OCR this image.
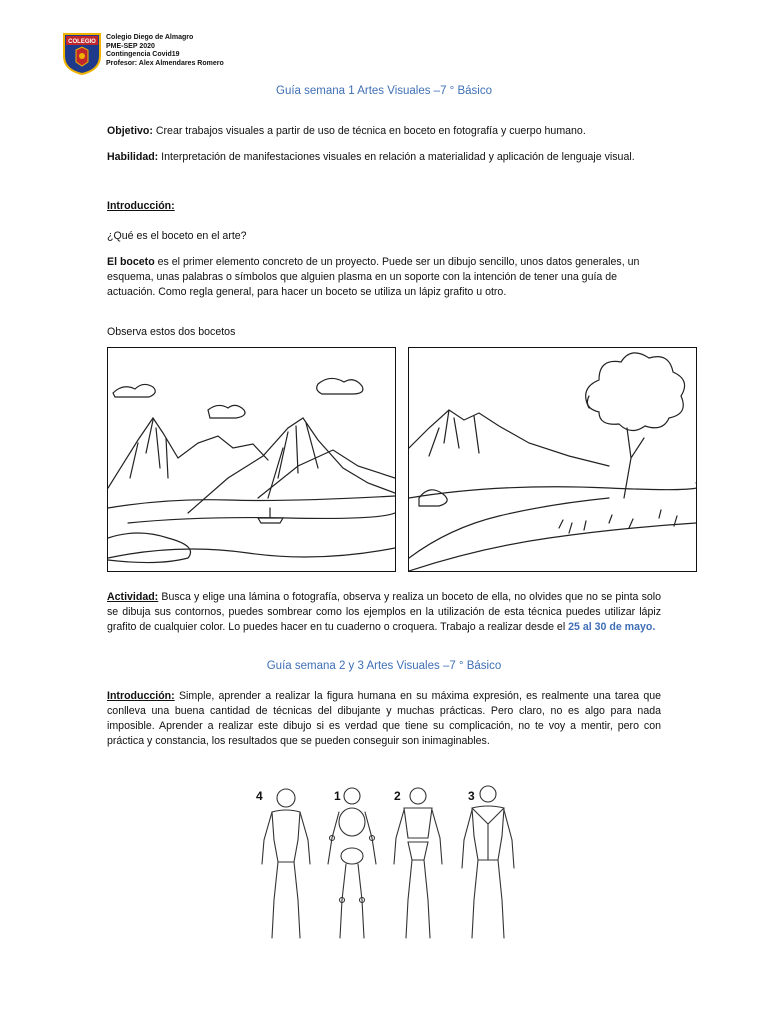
COLEGIO
Colegio Diego de Almagro
PME-SEP 2020
Contingencia Covid19
Profesor: Alex Almendares Romero
Guía semana 1 Artes Visuales –7 ° Básico
Objetivo: Crear trabajos visuales a partir de uso de técnica en boceto en fotografía y cuerpo humano.
Habilidad: Interpretación de manifestaciones visuales en relación a materialidad y aplicación de lenguaje visual.
Introducción:
¿Qué es el boceto en el arte?
El boceto es el primer elemento concreto de un proyecto. Puede ser un dibujo sencillo, unos datos generales, un esquema, unas palabras o símbolos que alguien plasma en un soporte con la intención de tener una guía de actuación. Como regla general, para hacer un boceto se utiliza un lápiz grafito u otro.
Observa estos dos bocetos
Actividad: Busca y elige una lámina o fotografía, observa y realiza un boceto de ella, no olvides que no se pinta solo se dibuja sus contornos, puedes sombrear como los ejemplos en la utilización de esta técnica puedes utilizar lápiz grafito de cualquier color. Lo puedes hacer en tu cuaderno o croquera. Trabajo a realizar desde el 25 al 30 de mayo.
Guía semana 2 y 3 Artes Visuales –7 ° Básico
Introducción: Simple, aprender a realizar la figura humana en su máxima expresión, es realmente una tarea que conlleva una buena cantidad de técnicas del dibujante y muchas prácticas. Pero claro, no es algo para nada imposible. Aprender a realizar este dibujo si es verdad que tiene su complicación, no te voy a mentir, pero con práctica y constancia, los resultados que se pueden conseguir son inimaginables.
4	1	2	3
